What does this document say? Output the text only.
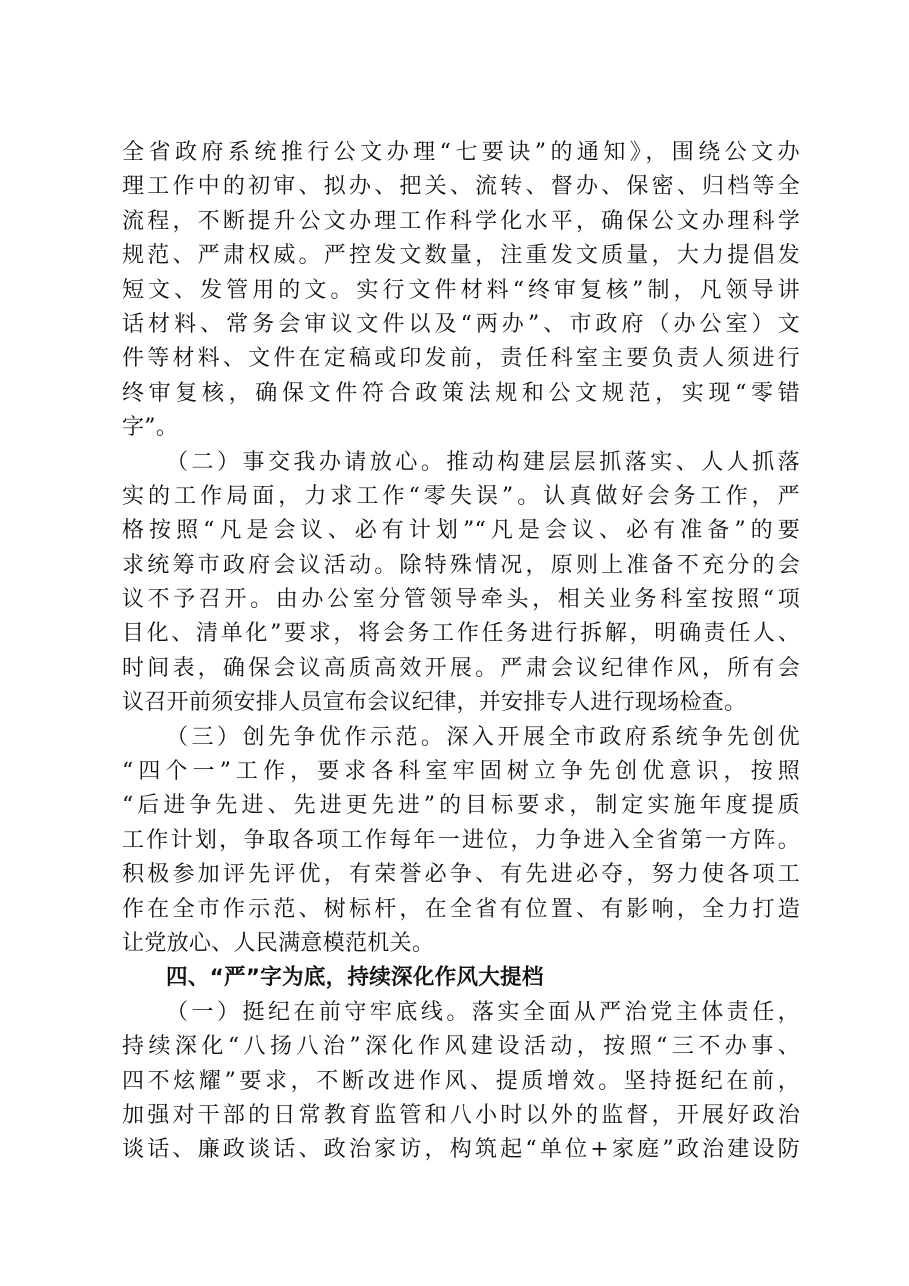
全省政府系统推行公文办理“七要诀”的通知》，围绕公文办
理工作中的初审、拟办、把关、流转、督办、保密、归档等全
流程，不断提升公文办理工作科学化水平，确保公文办理科学
规范、严肃权威。严控发文数量，注重发文质量，大力提倡发
短文、发管用的文。实行文件材料“终审复核”制，凡领导讲
话材料、常务会审议文件以及“两办”、市政府（办公室）文
件等材料、文件在定稿或印发前，责任科室主要负责人须进行
终审复核，确保文件符合政策法规和公文规范，实现“零错
字”。
（二）事交我办请放心。推动构建层层抓落实、人人抓落
实的工作局面，力求工作“零失误”。认真做好会务工作，严
格按照“凡是会议、必有计划”“凡是会议、必有准备”的要
求统筹市政府会议活动。除特殊情况，原则上准备不充分的会
议不予召开。由办公室分管领导牵头，相关业务科室按照“项
目化、清单化”要求，将会务工作任务进行拆解，明确责任人、
时间表，确保会议高质高效开展。严肃会议纪律作风，所有会
议召开前须安排人员宣布会议纪律，并安排专人进行现场检查。
（三）创先争优作示范。深入开展全市政府系统争先创优
“四个一”工作，要求各科室牢固树立争先创优意识，按照
“后进争先进、先进更先进”的目标要求，制定实施年度提质
工作计划，争取各项工作每年一进位，力争进入全省第一方阵。
积极参加评先评优，有荣誉必争、有先进必夺，努力使各项工
作在全市作示范、树标杆，在全省有位置、有影响，全力打造
让党放心、人民满意模范机关。
四、“严”字为底，持续深化作风大提档
（一）挺纪在前守牢底线。落实全面从严治党主体责任，
持续深化“八扬八治”深化作风建设活动，按照“三不办事、
四不炫耀”要求，不断改进作风、提质增效。坚持挺纪在前，
加强对干部的日常教育监管和八小时以外的监督，开展好政治
谈话、廉政谈话、政治家访，构筑起“单位+家庭”政治建设防
